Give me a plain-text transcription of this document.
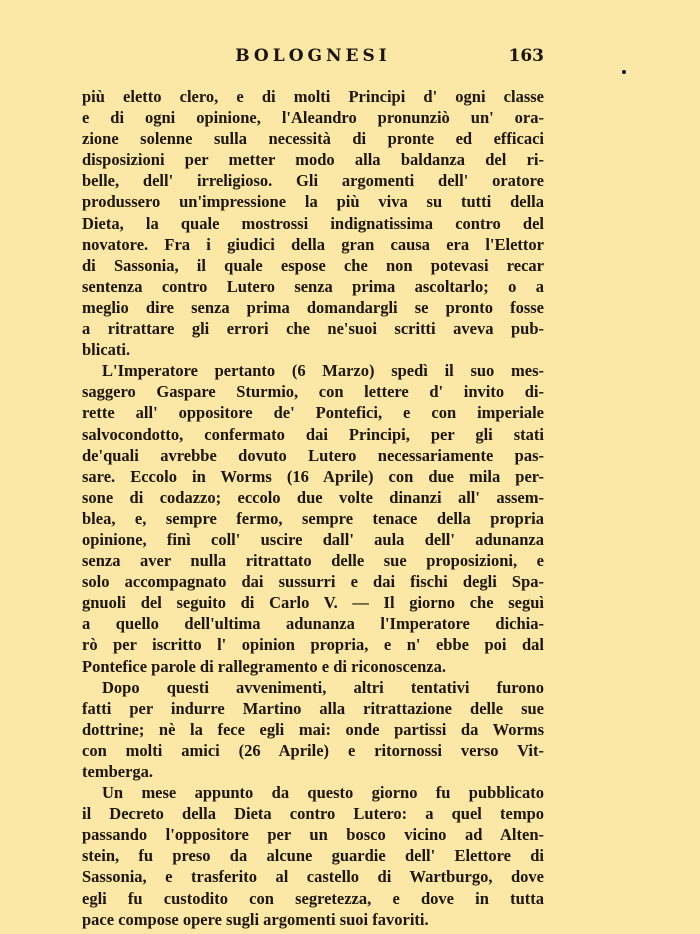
BOLOGNESI	163
più eletto clero, e di molti Principi d' ogni classe
e di ogni opinione, l'Aleandro pronunziò un' ora-
zione solenne sulla necessità di pronte ed efficaci
disposizioni per metter modo alla baldanza del ri-
belle, dell' irreligioso. Gli argomenti dell' oratore
produssero un'impressione la più viva su tutti della
Dieta, la quale mostrossi indignatissima contro del
novatore. Fra i giudici della gran causa era l'Elettor
di Sassonia, il quale espose che non potevasi recar
sentenza contro Lutero senza prima ascoltarlo; o a
meglio dire senza prima domandargli se pronto fosse
a ritrattare gli errori che ne'suoi scritti aveva pub-
blicati.
L'Imperatore pertanto (6 Marzo) spedì il suo mes-
saggero Gaspare Sturmio, con lettere d' invito di-
rette all' oppositore de' Pontefici, e con imperiale
salvocondotto, confermato dai Principi, per gli stati
de'quali avrebbe dovuto Lutero necessariamente pas-
sare. Eccolo in Worms (16 Aprile) con due mila per-
sone di codazzo; eccolo due volte dinanzi all' assem-
blea, e, sempre fermo, sempre tenace della propria
opinione, finì coll' uscire dall' aula dell' adunanza
senza aver nulla ritrattato delle sue proposizioni, e
solo accompagnato dai sussurri e dai fischi degli Spa-
gnuoli del seguito di Carlo V. — Il giorno che seguì
a quello dell'ultima adunanza l'Imperatore dichia-
rò per iscritto l' opinion propria, e n' ebbe poi dal
Pontefice parole di rallegramento e di riconoscenza.
Dopo questi avvenimenti, altri tentativi furono
fatti per indurre Martino alla ritrattazione delle sue
dottrine; nè la fece egli mai: onde partissi da Worms
con molti amici (26 Aprile) e ritornossi verso Vit-
temberga.
Un mese appunto da questo giorno fu pubblicato
il Decreto della Dieta contro Lutero: a quel tempo
passando l'oppositore per un bosco vicino ad Alten-
stein, fu preso da alcune guardie dell' Elettore di
Sassonia, e trasferito al castello di Wartburgo, dove
egli fu custodito con segretezza, e dove in tutta
pace compose opere sugli argomenti suoi favoriti.
